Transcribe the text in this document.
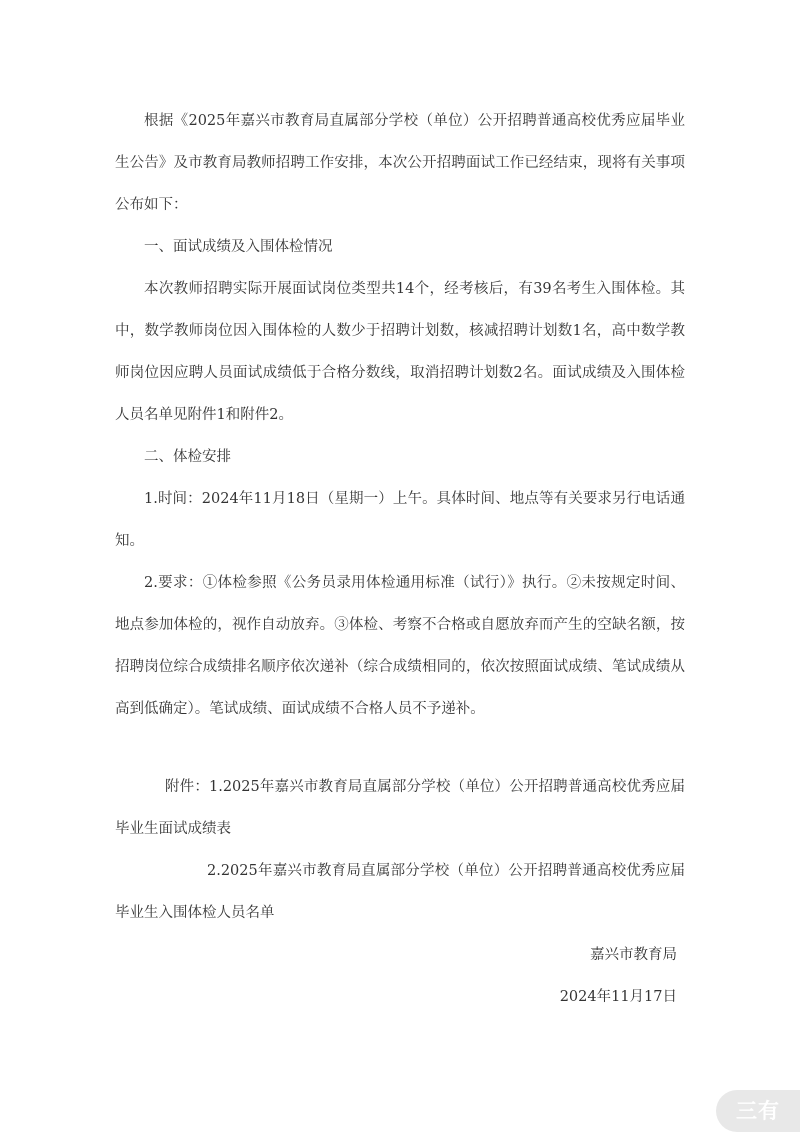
根据《2025年嘉兴市教育局直属部分学校（单位）公开招聘普通高校优秀应届毕业生公告》及市教育局教师招聘工作安排，本次公开招聘面试工作已经结束，现将有关事项公布如下：

一、面试成绩及入围体检情况

本次教师招聘实际开展面试岗位类型共14个，经考核后，有39名考生入围体检。其中，数学教师岗位因入围体检的人数少于招聘计划数，核减招聘计划数1名，高中数学教师岗位因应聘人员面试成绩低于合格分数线，取消招聘计划数2名。面试成绩及入围体检人员名单见附件1和附件2。

二、体检安排

1.时间：2024年11月18日（星期一）上午。具体时间、地点等有关要求另行电话通知。

2.要求：①体检参照《公务员录用体检通用标准（试行）》执行。②未按规定时间、地点参加体检的，视作自动放弃。③体检、考察不合格或自愿放弃而产生的空缺名额，按招聘岗位综合成绩排名顺序依次递补（综合成绩相同的，依次按照面试成绩、笔试成绩从高到低确定）。笔试成绩、面试成绩不合格人员不予递补。

附件：1.2025年嘉兴市教育局直属部分学校（单位）公开招聘普通高校优秀应届毕业生面试成绩表

2.2025年嘉兴市教育局直属部分学校（单位）公开招聘普通高校优秀应届毕业生入围体检人员名单

嘉兴市教育局

2024年11月17日

三有
